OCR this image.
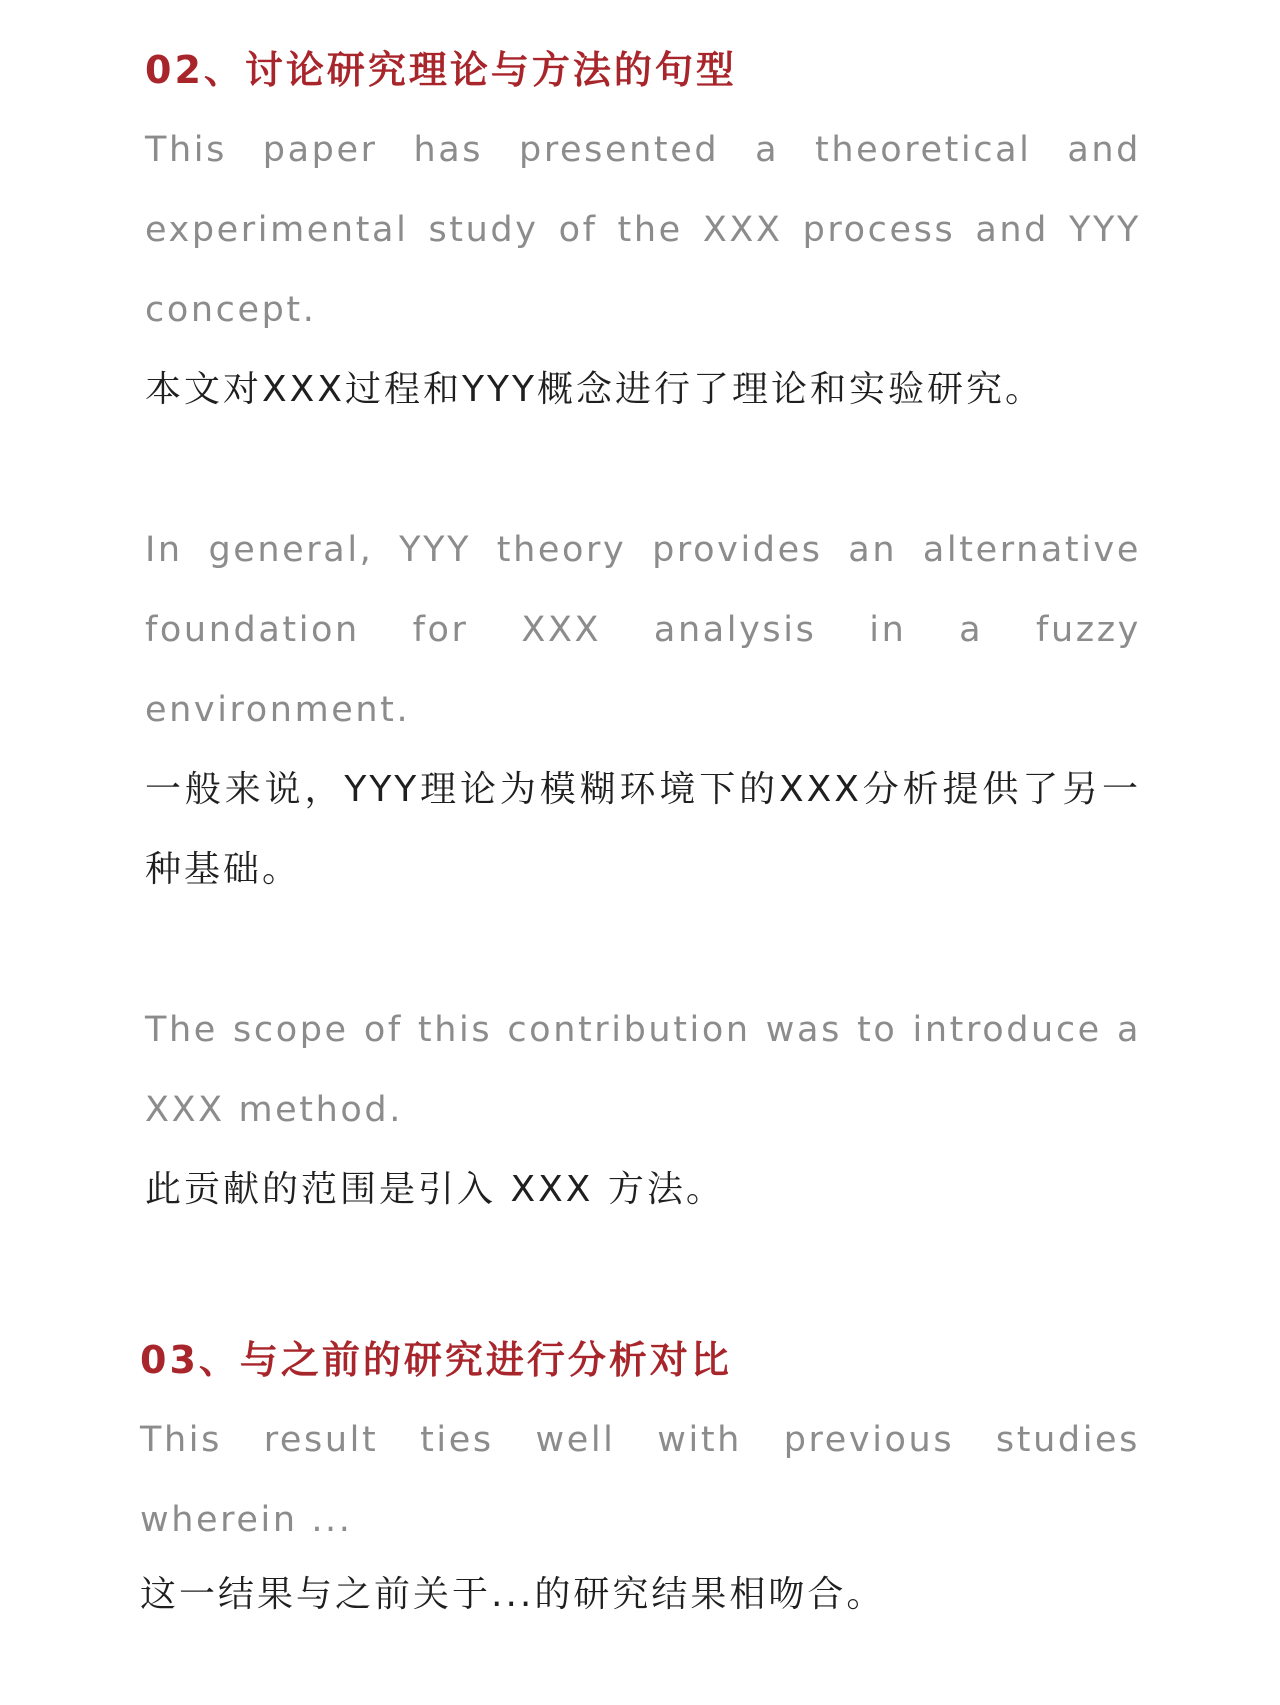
02、讨论研究理论与方法的句型

This paper has presented a theoretical and experimental study of the XXX process and YYY concept.

本文对XXX过程和YYY概念进行了理论和实验研究。

In general, YYY theory provides an alternative foundation for XXX analysis in a fuzzy environment.

一般来说，YYY理论为模糊环境下的XXX分析提供了另一种基础。

The scope of this contribution was to introduce a XXX method.

此贡献的范围是引入 XXX 方法。

03、与之前的研究进行分析对比

This result ties well with previous studies wherein ...

这一结果与之前关于...的研究结果相吻合。
